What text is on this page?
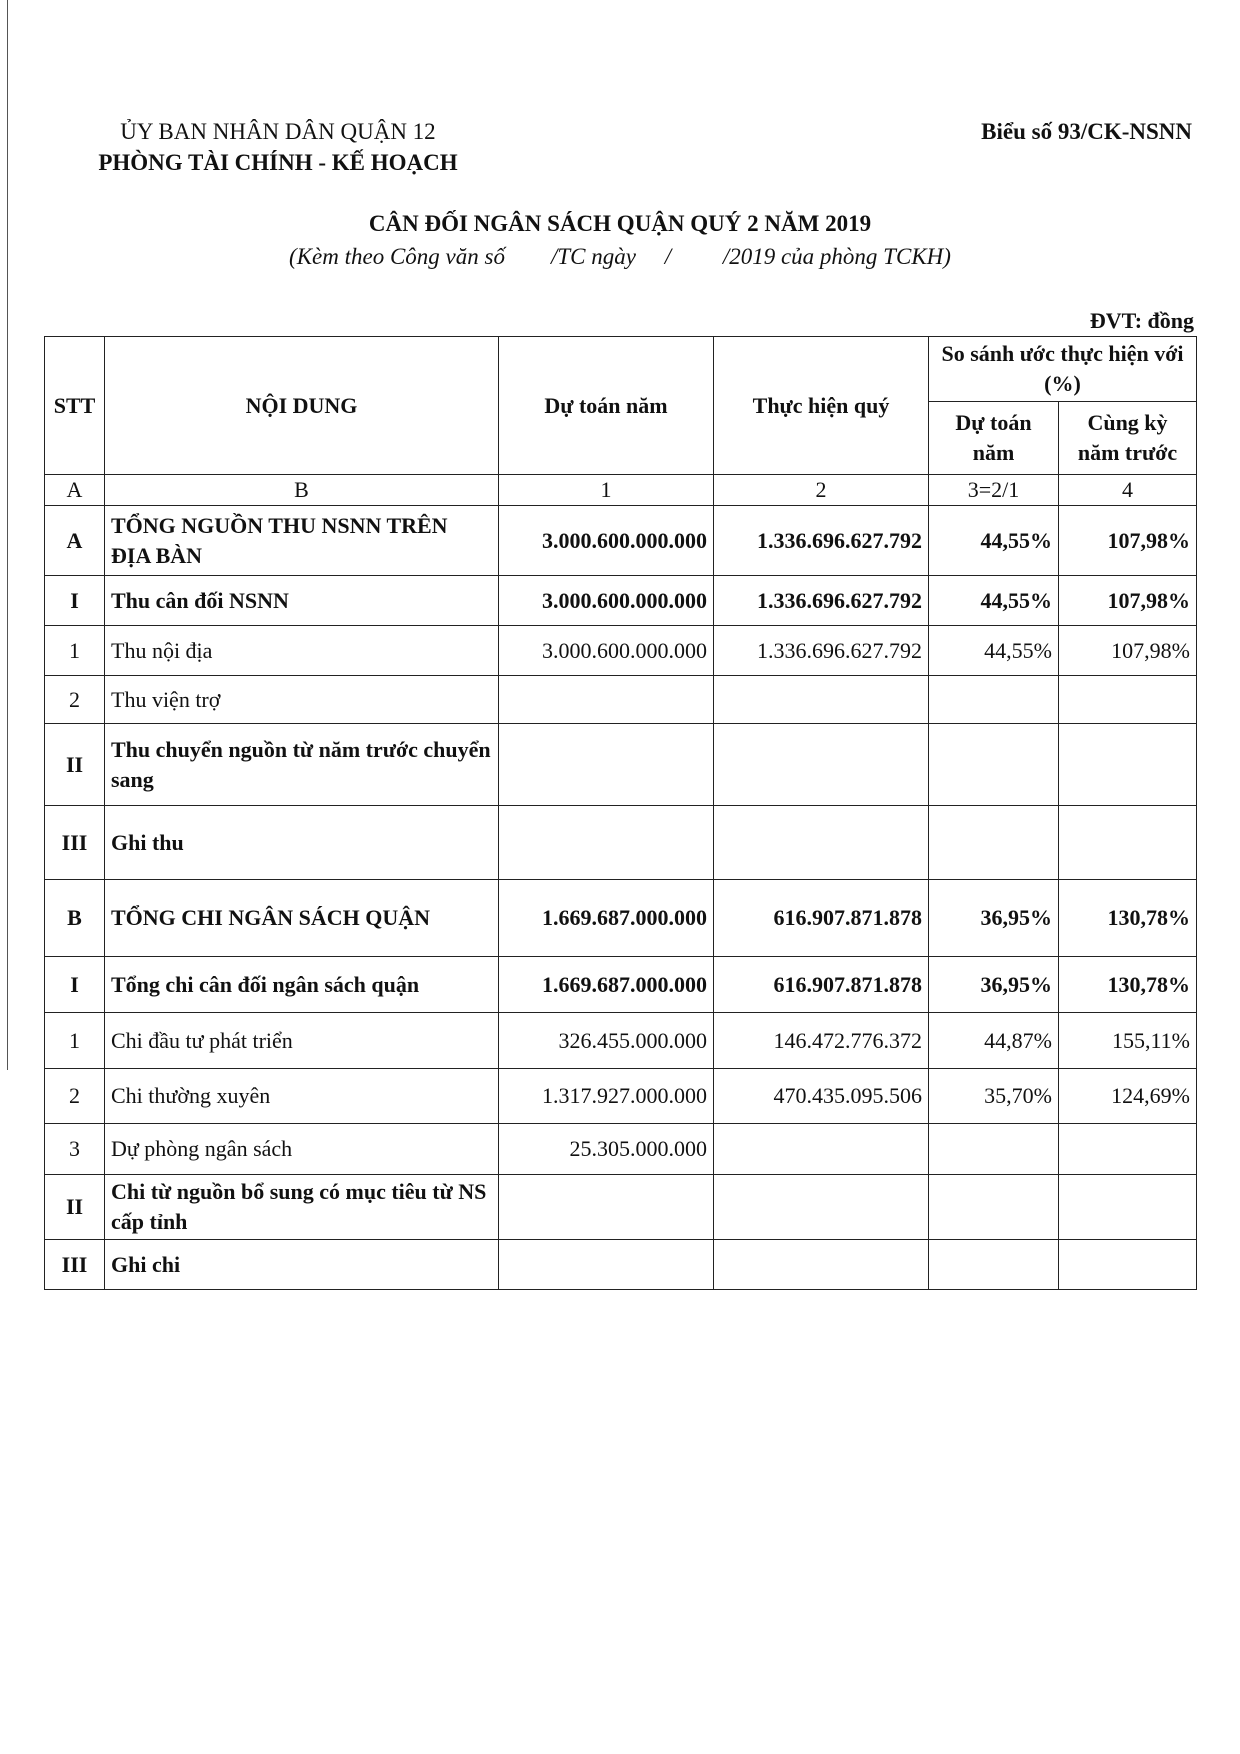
ỦY BAN NHÂN DÂN QUẬN 12
PHÒNG TÀI CHÍNH - KẾ HOẠCH
Biểu số 93/CK-NSNN
CÂN ĐỐI NGÂN SÁCH QUẬN QUÝ 2 NĂM 2019
(Kèm theo Công văn số        /TC ngày     /         /2019 của phòng TCKH)
ĐVT: đồng
STT	NỘI DUNG	Dự toán năm	Thực hiện quý	So sánh ước thực hiện với (%)	
				Dự toán năm	Cùng kỳ năm trước
A	B	1	2	3=2/1	4
A	TỔNG NGUỒN THU NSNN TRÊN ĐỊA BÀN	3.000.600.000.000	1.336.696.627.792	44,55%	107,98%
I	Thu cân đối NSNN	3.000.600.000.000	1.336.696.627.792	44,55%	107,98%
1	Thu nội địa	3.000.600.000.000	1.336.696.627.792	44,55%	107,98%
2	Thu viện trợ				
II	Thu chuyển nguồn từ năm trước chuyển sang				
III	Ghi thu				
B	TỔNG CHI NGÂN SÁCH QUẬN	1.669.687.000.000	616.907.871.878	36,95%	130,78%
I	Tổng chi cân đối ngân sách quận	1.669.687.000.000	616.907.871.878	36,95%	130,78%
1	Chi đầu tư phát triển	326.455.000.000	146.472.776.372	44,87%	155,11%
2	Chi thường xuyên	1.317.927.000.000	470.435.095.506	35,70%	124,69%
3	Dự phòng ngân sách	25.305.000.000			
II	Chi từ nguồn bổ sung có mục tiêu từ NS cấp tỉnh				
III	Ghi chi				
